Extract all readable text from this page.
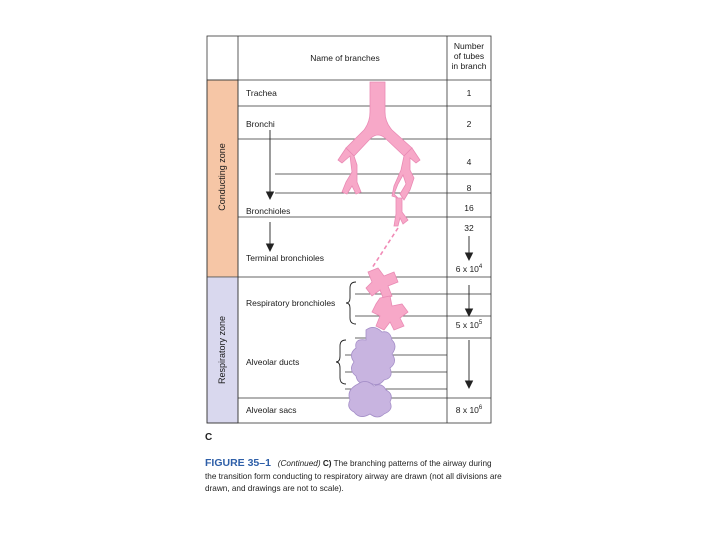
Name of branches
Number
of tubes
in branch
Conducting zone
Respiratory zone
Trachea
Bronchi
Bronchioles
Terminal bronchioles
Respiratory bronchioles
Alveolar ducts
Alveolar sacs
1
2
4
8
16
32
6 x $10^4$
5 x $10^5$
8 x $10^6$
C
FIGURE 35–1 (Continued) C) The branching patterns of the airway during the transition form conducting to respiratory airway are drawn (not all divisions are drawn, and drawings are not to scale).
